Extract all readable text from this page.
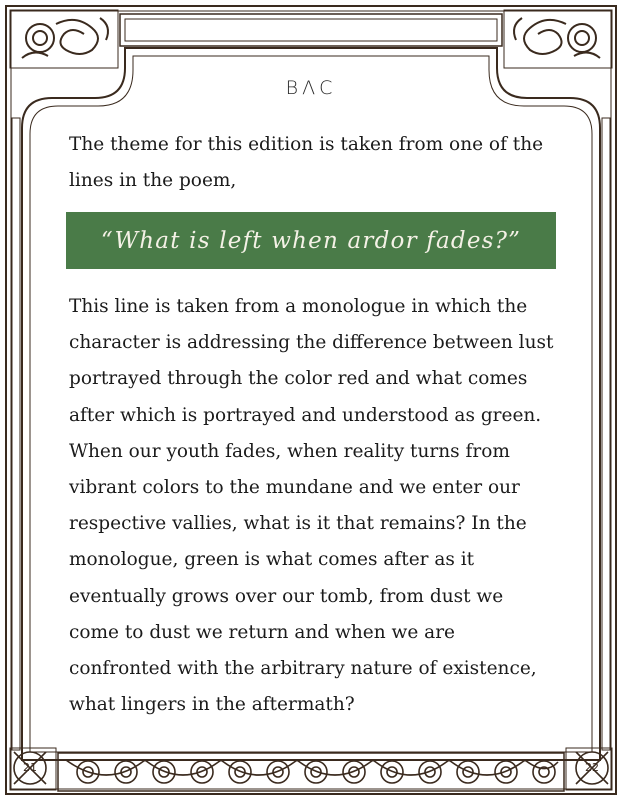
BΛC

The theme for this edition is taken from one of the lines in the poem,

“What is left when ardor fades?”

This line is taken from a monologue in which the character is addressing the difference between lust portrayed through the color red and what comes after which is portrayed and understood as green. When our youth fades, when reality turns from vibrant colors to the mundane and we enter our respective vallies, what is it that remains? In the monologue, green is what comes after as it eventually grows over our tomb, from dust we come to dust we return and when we are confronted with the arbitrary nature of existence, what lingers in the aftermath?

21	22
